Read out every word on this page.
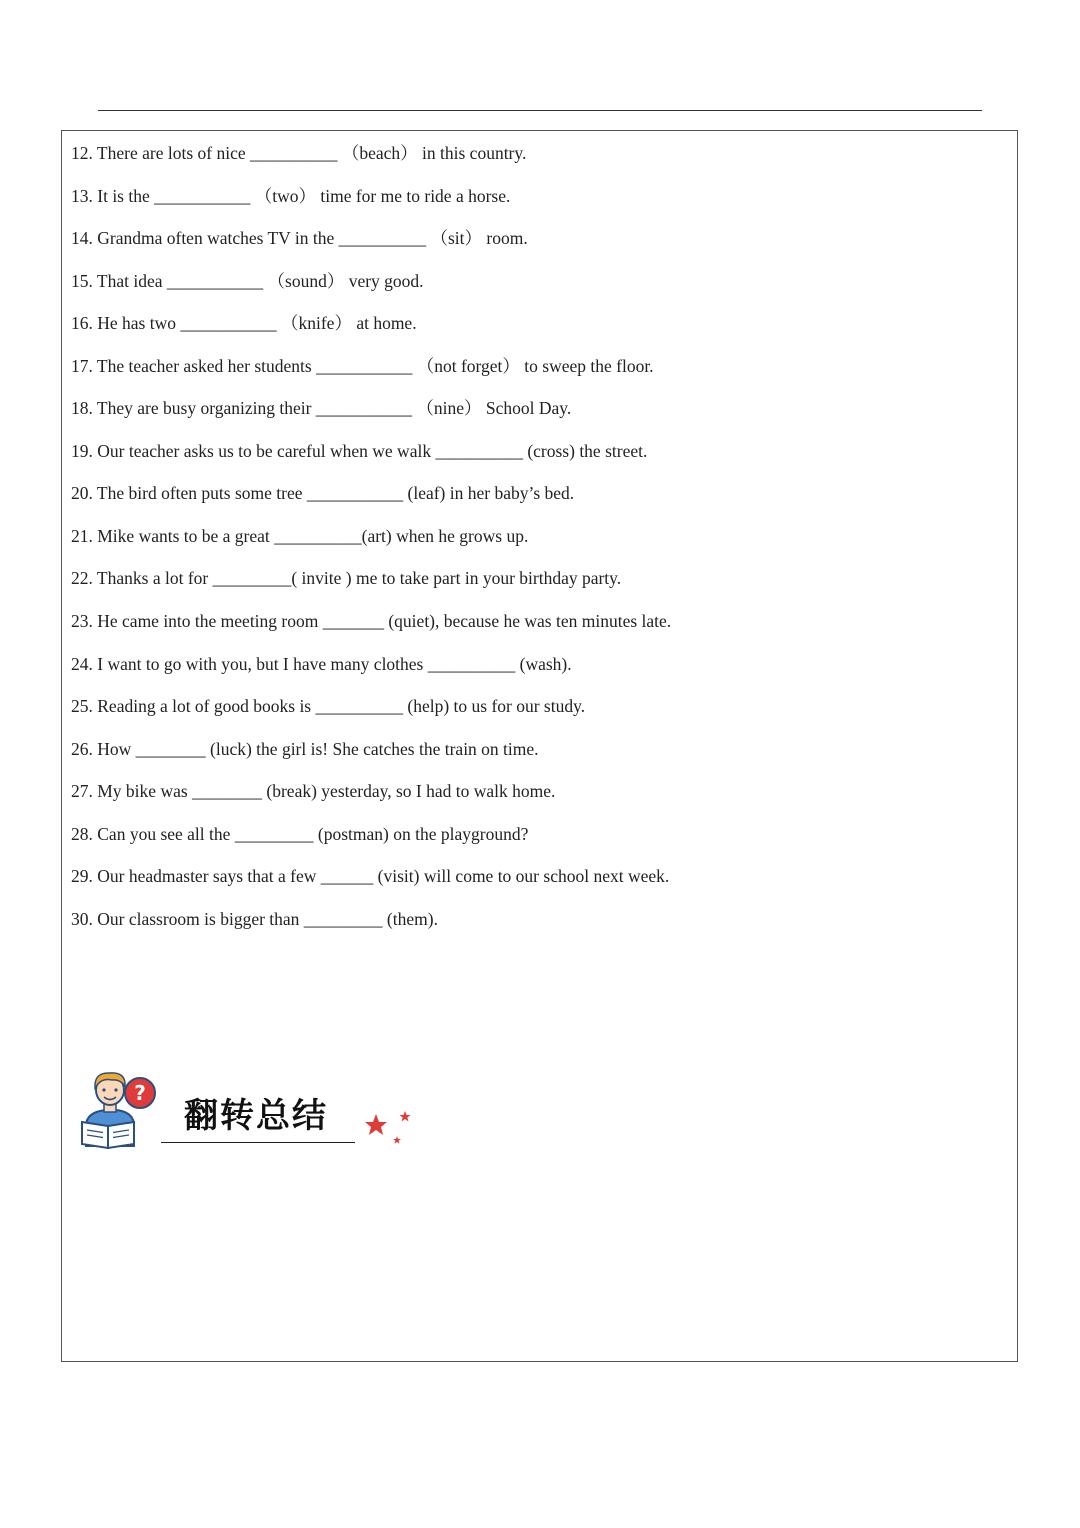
12. There are lots of nice __________ （beach） in this country.
13. It is the ___________ （two） time for me to ride a horse.
14. Grandma often watches TV in the __________ （sit） room.
15. That idea ___________ （sound） very good.
16. He has two ___________ （knife） at home.
17. The teacher asked her students ___________ （not forget） to sweep the floor.
18. They are busy organizing their ___________ （nine） School Day.
19. Our teacher asks us to be careful when we walk __________ (cross) the street.
20. The bird often puts some tree ___________ (leaf) in her baby’s bed.
21. Mike wants to be a great __________(art) when he grows up.
22. Thanks a lot for _________( invite ) me to take part in your birthday party.
23. He came into the meeting room _______ (quiet), because he was ten minutes late.
24. I want to go with you, but I have many clothes __________ (wash).
25. Reading a lot of good books is __________ (help) to us for our study.
26. How ________ (luck) the girl is! She catches the train on time.
27. My bike was ________ (break) yesterday, so I had to walk home.
28. Can you see all the _________ (postman) on the playground?
29. Our headmaster says that a few ______ (visit) will come to our school next week.
30. Our classroom is bigger than _________ (them).
?
翻转总结
